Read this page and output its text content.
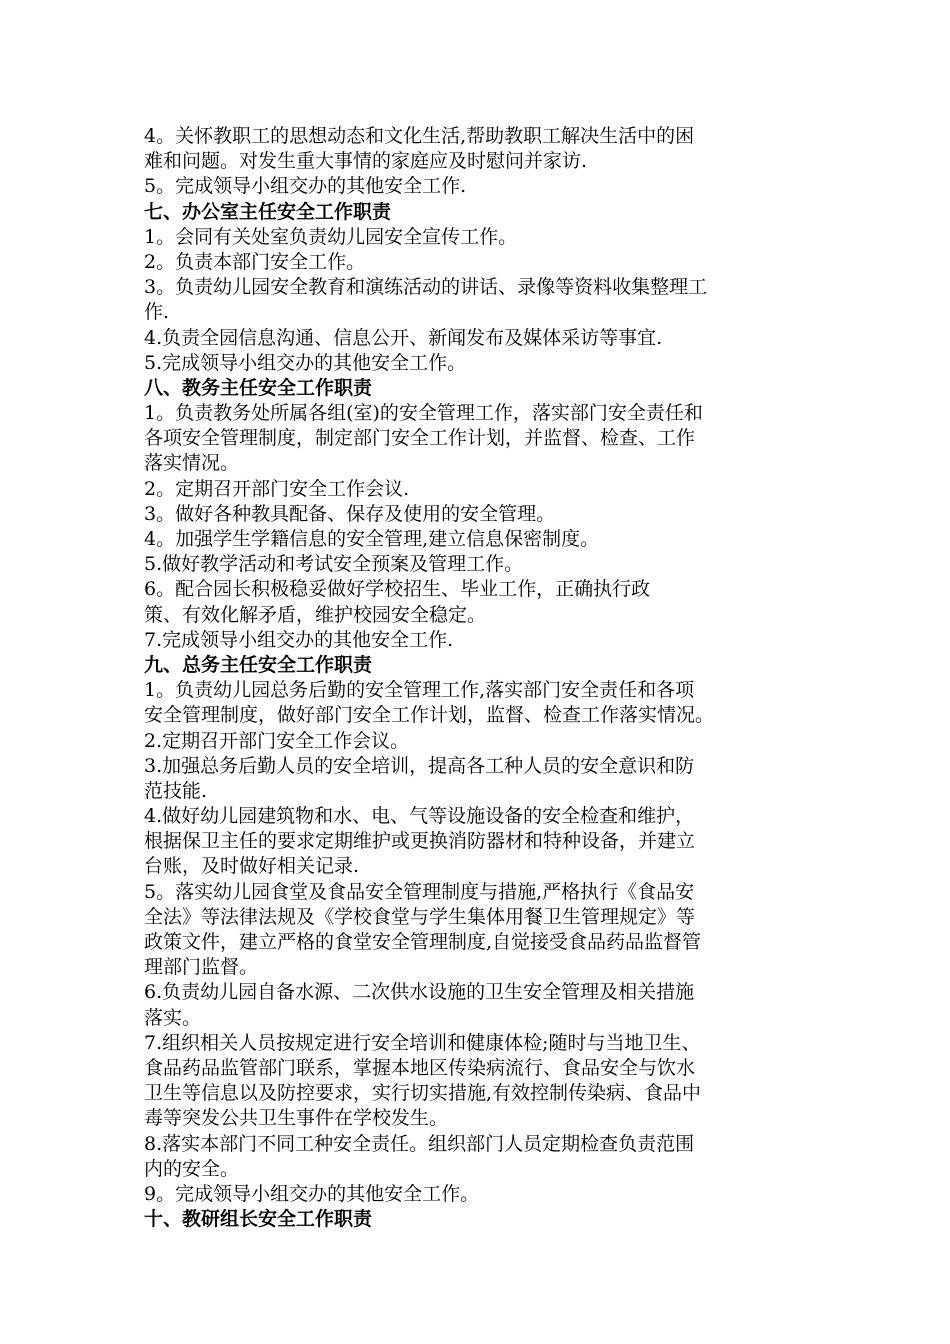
4。关怀教职工的思想动态和文化生活,帮助教职工解决生活中的困
难和问题。对发生重大事情的家庭应及时慰问并家访.
5。完成领导小组交办的其他安全工作.
七、办公室主任安全工作职责
1。会同有关处室负责幼儿园安全宣传工作。
2。负责本部门安全工作。
3。负责幼儿园安全教育和演练活动的讲话、录像等资料收集整理工
作.
4.负责全园信息沟通、信息公开、新闻发布及媒体采访等事宜.
5.完成领导小组交办的其他安全工作。
八、教务主任安全工作职责
1。负责教务处所属各组(室)的安全管理工作，落实部门安全责任和
各项安全管理制度，制定部门安全工作计划，并监督、检查、工作
落实情况。
2。定期召开部门安全工作会议.
3。做好各种教具配备、保存及使用的安全管理。
4。加强学生学籍信息的安全管理,建立信息保密制度。
5.做好教学活动和考试安全预案及管理工作。
6。配合园长积极稳妥做好学校招生、毕业工作，正确执行政
策、有效化解矛盾，维护校园安全稳定。
7.完成领导小组交办的其他安全工作.
九、总务主任安全工作职责
1。负责幼儿园总务后勤的安全管理工作,落实部门安全责任和各项
安全管理制度，做好部门安全工作计划，监督、检查工作落实情况。
2.定期召开部门安全工作会议。
3.加强总务后勤人员的安全培训，提高各工种人员的安全意识和防
范技能.
4.做好幼儿园建筑物和水、电、气等设施设备的安全检查和维护，
根据保卫主任的要求定期维护或更换消防器材和特种设备，并建立
台账，及时做好相关记录.
5。落实幼儿园食堂及食品安全管理制度与措施,严格执行《食品安
全法》等法律法规及《学校食堂与学生集体用餐卫生管理规定》等
政策文件，建立严格的食堂安全管理制度,自觉接受食品药品监督管
理部门监督。
6.负责幼儿园自备水源、二次供水设施的卫生安全管理及相关措施
落实。
7.组织相关人员按规定进行安全培训和健康体检;随时与当地卫生、
食品药品监管部门联系，掌握本地区传染病流行、食品安全与饮水
卫生等信息以及防控要求，实行切实措施,有效控制传染病、食品中
毒等突发公共卫生事件在学校发生。
8.落实本部门不同工种安全责任。组织部门人员定期检查负责范围
内的安全。
9。完成领导小组交办的其他安全工作。
十、教研组长安全工作职责
